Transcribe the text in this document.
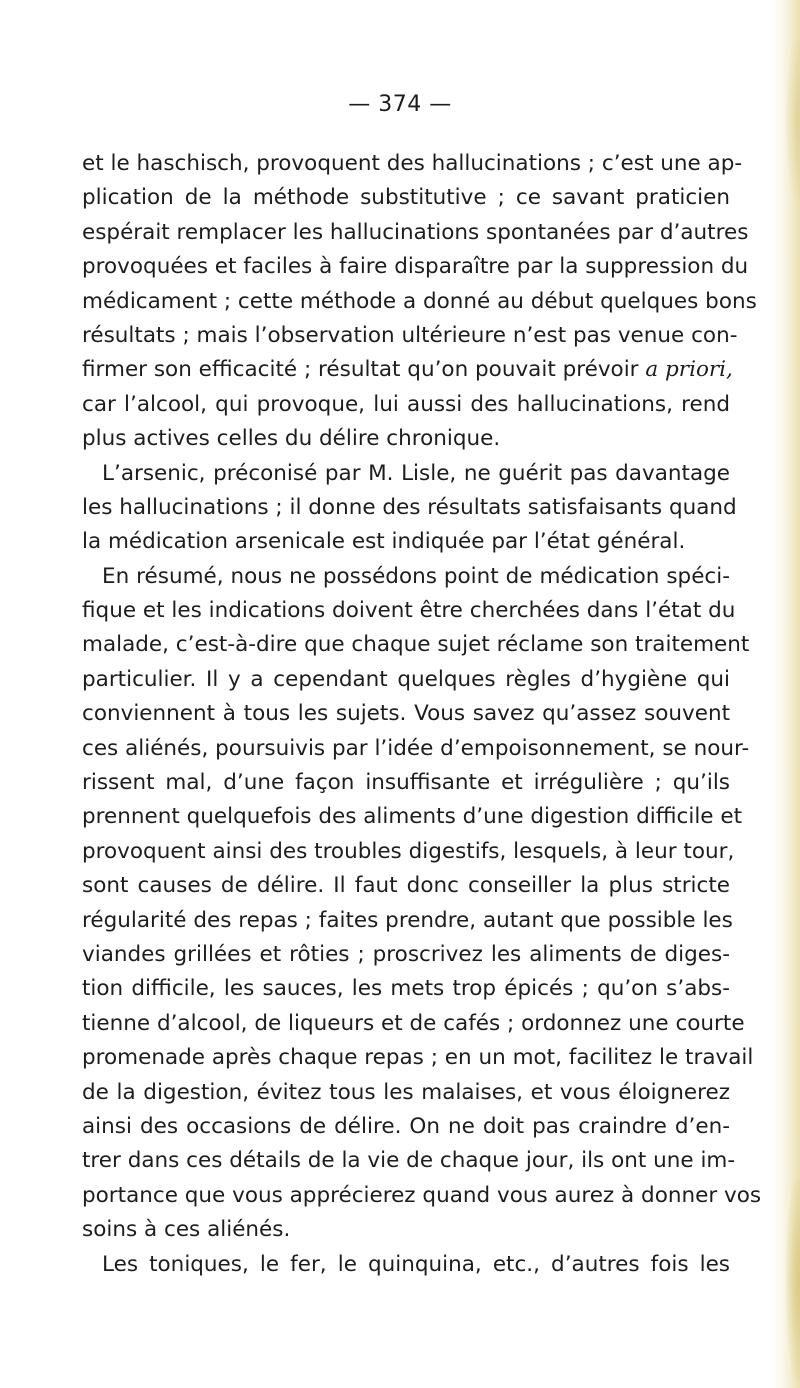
— 374 —
et le haschisch, provoquent des hallucinations ; c’est une ap-
plication de la méthode substitutive ; ce savant praticien
espérait remplacer les hallucinations spontanées par d’autres
provoquées et faciles à faire disparaître par la suppression du
médicament ; cette méthode a donné au début quelques bons
résultats ; mais l’observation ultérieure n’est pas venue con-
firmer son efficacité ; résultat qu’on pouvait prévoir a priori,
car l’alcool, qui provoque, lui aussi des hallucinations, rend
plus actives celles du délire chronique.
L’arsenic, préconisé par M. Lisle, ne guérit pas davantage
les hallucinations ; il donne des résultats satisfaisants quand
la médication arsenicale est indiquée par l’état général.
En résumé, nous ne possédons point de médication spéci-
fique et les indications doivent être cherchées dans l’état du
malade, c’est-à-dire que chaque sujet réclame son traitement
particulier. Il y a cependant quelques règles d’hygiène qui
conviennent à tous les sujets. Vous savez qu’assez souvent
ces aliénés, poursuivis par l’idée d’empoisonnement, se nour-
rissent mal, d’une façon insuffisante et irrégulière ; qu’ils
prennent quelquefois des aliments d’une digestion difficile et
provoquent ainsi des troubles digestifs, lesquels, à leur tour,
sont causes de délire. Il faut donc conseiller la plus stricte
régularité des repas ; faites prendre, autant que possible les
viandes grillées et rôties ; proscrivez les aliments de diges-
tion difficile, les sauces, les mets trop épicés ; qu’on s’abs-
tienne d’alcool, de liqueurs et de cafés ; ordonnez une courte
promenade après chaque repas ; en un mot, facilitez le travail
de la digestion, évitez tous les malaises, et vous éloignerez
ainsi des occasions de délire. On ne doit pas craindre d’en-
trer dans ces détails de la vie de chaque jour, ils ont une im-
portance que vous apprécierez quand vous aurez à donner vos
soins à ces aliénés.
Les toniques, le fer, le quinquina, etc., d’autres fois les
